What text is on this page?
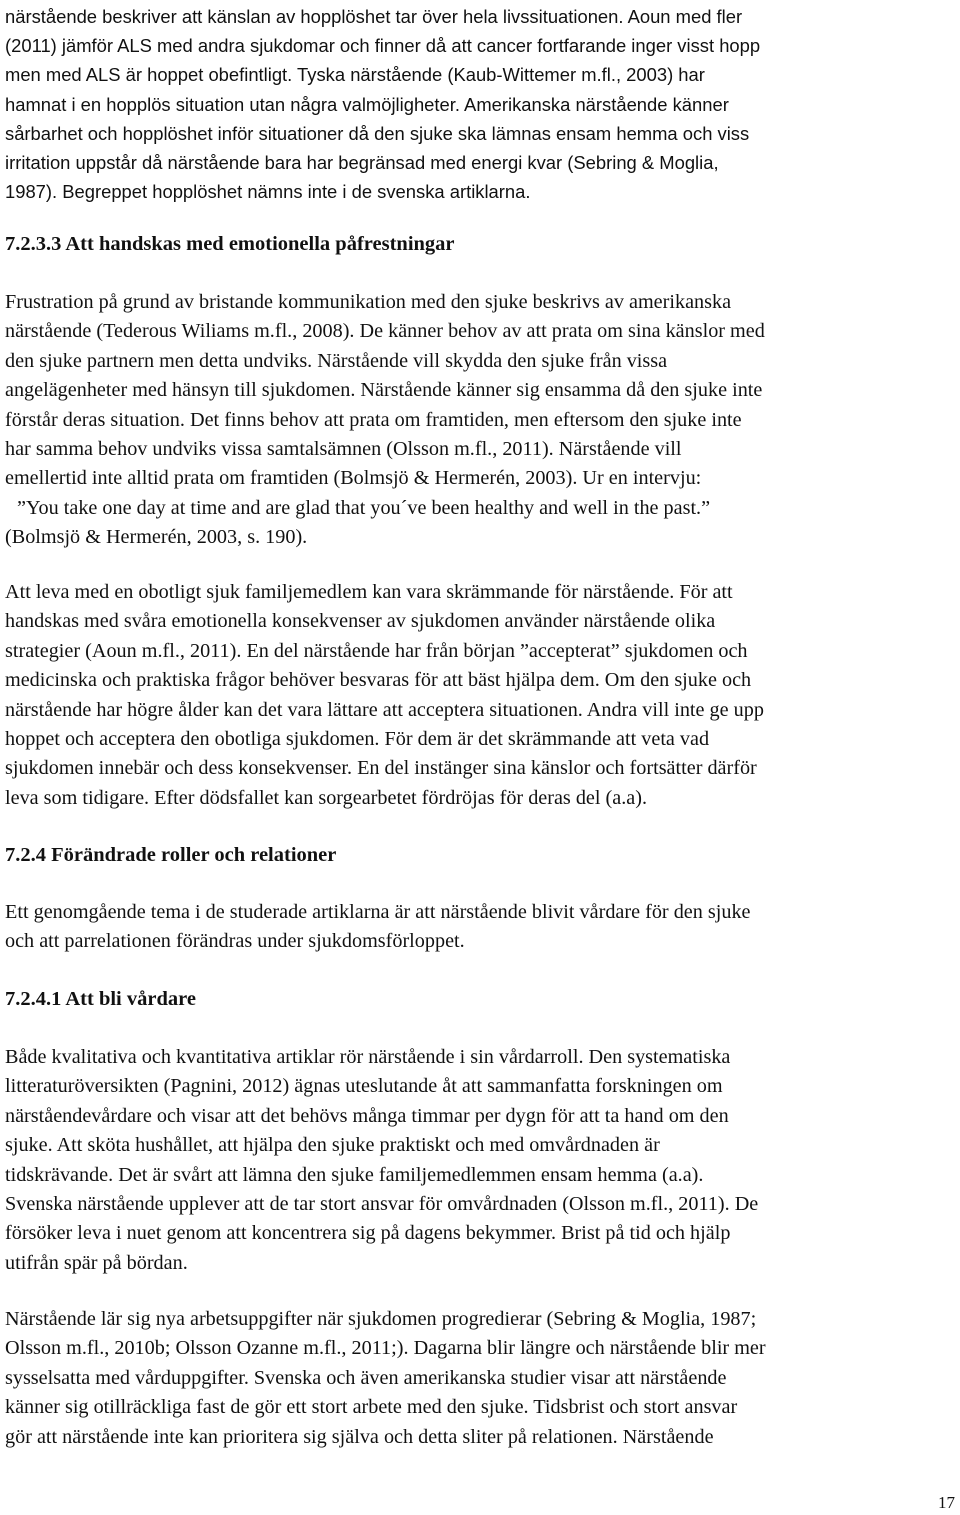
närstående beskriver att känslan av hopplöshet tar över hela livssituationen. Aoun med fler
(2011) jämför ALS med andra sjukdomar och finner då att cancer fortfarande inger visst hopp
men med ALS är hoppet obefintligt. Tyska närstående (Kaub-Wittemer m.fl., 2003) har
hamnat i en hopplös situation utan några valmöjligheter. Amerikanska närstående känner
sårbarhet och hopplöshet inför situationer då den sjuke ska lämnas ensam hemma och viss
irritation uppstår då närstående bara har begränsad med energi kvar (Sebring & Moglia,
1987). Begreppet hopplöshet nämns inte i de svenska artiklarna.

7.2.3.3 Att handskas med emotionella påfrestningar

Frustration på grund av bristande kommunikation med den sjuke beskrivs av amerikanska
närstående (Tederous Wiliams m.fl., 2008). De känner behov av att prata om sina känslor med
den sjuke partnern men detta undviks. Närstående vill skydda den sjuke från vissa
angelägenheter med hänsyn till sjukdomen. Närstående känner sig ensamma då den sjuke inte
förstår deras situation. Det finns behov att prata om framtiden, men eftersom den sjuke inte
har samma behov undviks vissa samtalsämnen (Olsson m.fl., 2011). Närstående vill
emellertid inte alltid prata om framtiden (Bolmsjö & Hermerén, 2003). Ur en intervju:
”You take one day at time and are glad that you´ve been healthy and well in the past.”
(Bolmsjö & Hermerén, 2003, s. 190).

Att leva med en obotligt sjuk familjemedlem kan vara skrämmande för närstående. För att
handskas med svåra emotionella konsekvenser av sjukdomen använder närstående olika
strategier (Aoun m.fl., 2011). En del närstående har från början ”accepterat” sjukdomen och
medicinska och praktiska frågor behöver besvaras för att bäst hjälpa dem. Om den sjuke och
närstående har högre ålder kan det vara lättare att acceptera situationen. Andra vill inte ge upp
hoppet och acceptera den obotliga sjukdomen. För dem är det skrämmande att veta vad
sjukdomen innebär och dess konsekvenser. En del instänger sina känslor och fortsätter därför
leva som tidigare. Efter dödsfallet kan sorgearbetet fördröjas för deras del (a.a).

7.2.4 Förändrade roller och relationer

Ett genomgående tema i de studerade artiklarna är att närstående blivit vårdare för den sjuke
och att parrelationen förändras under sjukdomsförloppet.

7.2.4.1 Att bli vårdare

Både kvalitativa och kvantitativa artiklar rör närstående i sin vårdarroll. Den systematiska
litteraturöversikten (Pagnini, 2012) ägnas uteslutande åt att sammanfatta forskningen om
närståendevårdare och visar att det behövs många timmar per dygn för att ta hand om den
sjuke. Att sköta hushållet, att hjälpa den sjuke praktiskt och med omvårdnaden är
tidskrävande. Det är svårt att lämna den sjuke familjemedlemmen ensam hemma (a.a).
Svenska närstående upplever att de tar stort ansvar för omvårdnaden (Olsson m.fl., 2011). De
försöker leva i nuet genom att koncentrera sig på dagens bekymmer. Brist på tid och hjälp
utifrån spär på bördan.

Närstående lär sig nya arbetsuppgifter när sjukdomen progredierar (Sebring & Moglia, 1987;
Olsson m.fl., 2010b; Olsson Ozanne m.fl., 2011;). Dagarna blir längre och närstående blir mer
sysselsatta med vårduppgifter. Svenska och även amerikanska studier visar att närstående
känner sig otillräckliga fast de gör ett stort arbete med den sjuke. Tidsbrist och stort ansvar
gör att närstående inte kan prioritera sig själva och detta sliter på relationen. Närstående

17
